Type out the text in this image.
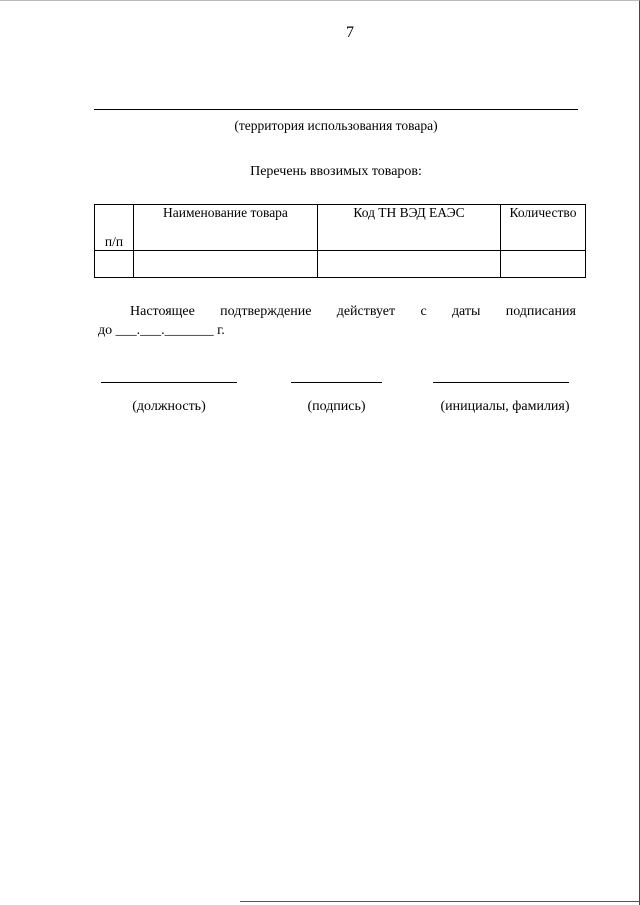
7
(территория использования товара)
Перечень ввозимых товаров:
п/п	Наименование товара	Код ТН ВЭД ЕАЭС	Количество

Настоящее подтверждение действует с даты подписания
до ___.___._______ г.
(должность)	(подпись)	(инициалы, фамилия)
